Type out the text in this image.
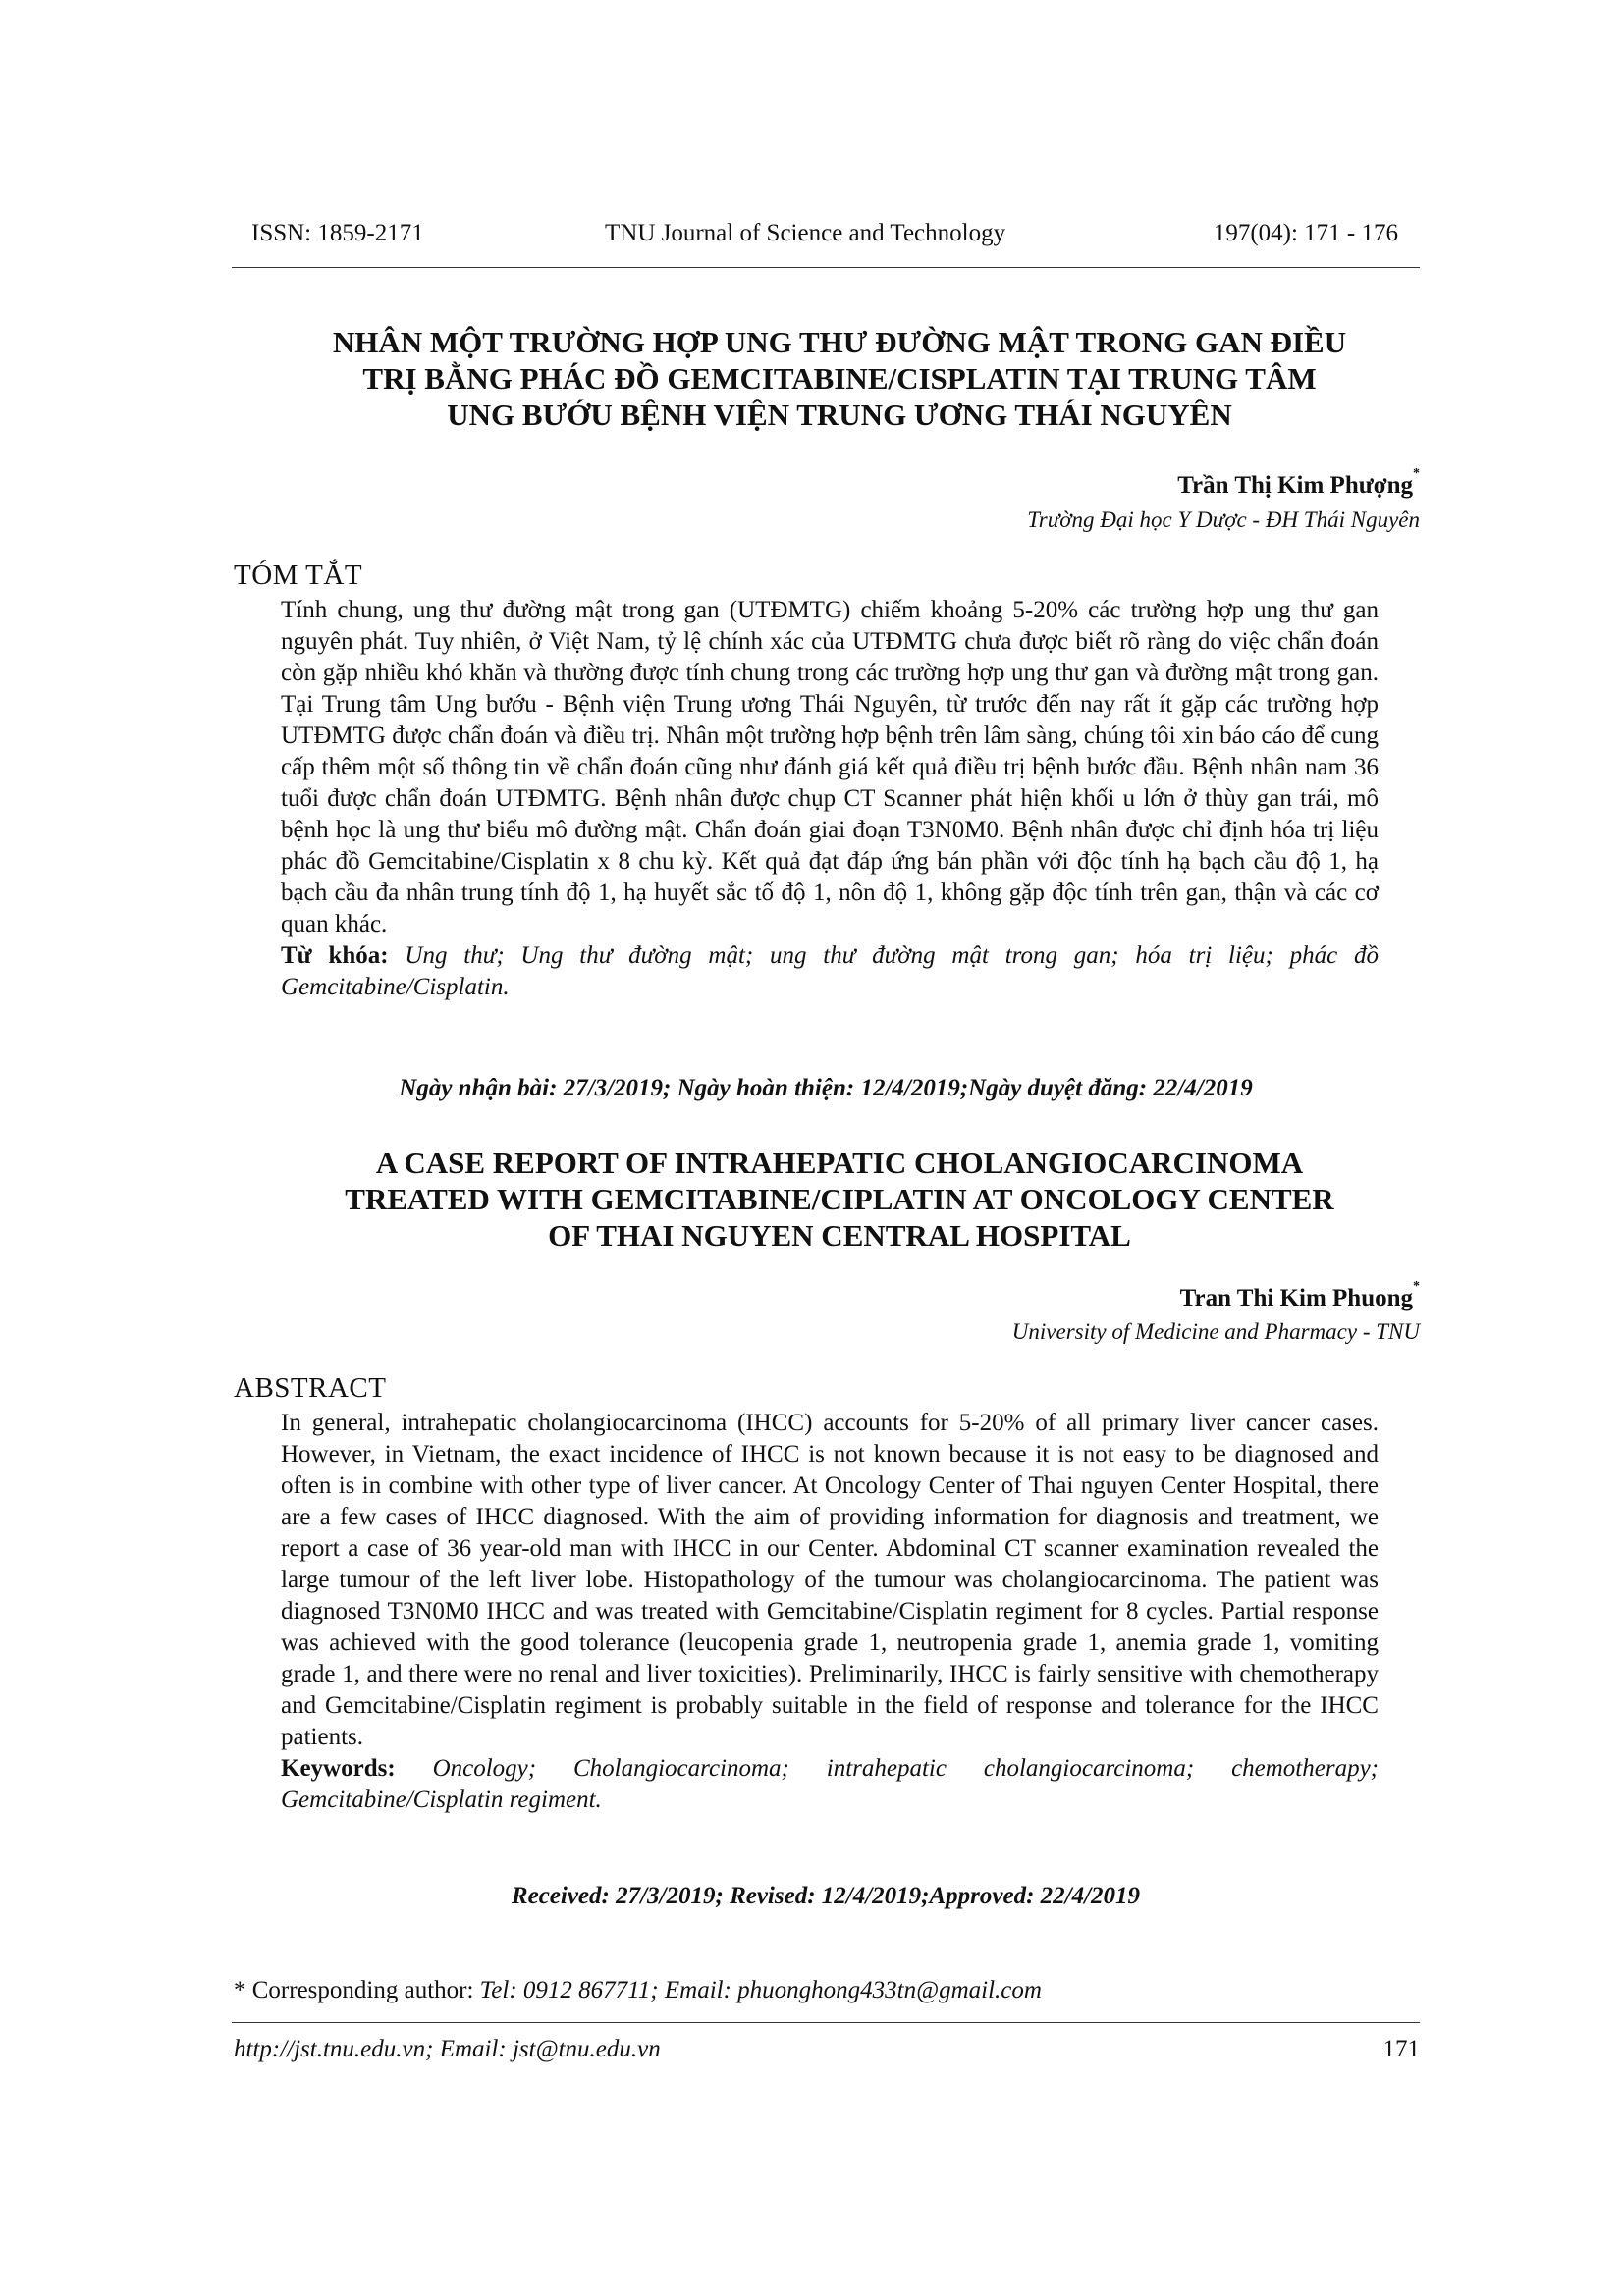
ISSN: 1859-2171	TNU Journal of Science and Technology	197(04): 171 - 176
NHÂN MỘT TRƯỜNG HỢP UNG THƯ ĐƯỜNG MẬT TRONG GAN ĐIỀU
TRỊ BẰNG PHÁC ĐỒ GEMCITABINE/CISPLATIN TẠI TRUNG TÂM
UNG BƯỚU BỆNH VIỆN TRUNG ƯƠNG THÁI NGUYÊN
Trần Thị Kim Phượng*
Trường Đại học Y Dược - ĐH Thái Nguyên
TÓM TẮT

Tính chung, ung thư đường mật trong gan (UTĐMTG) chiếm khoảng 5-20% các trường hợp ung thư gan nguyên phát. Tuy nhiên, ở Việt Nam, tỷ lệ chính xác của UTĐMTG chưa được biết rõ ràng do việc chẩn đoán còn gặp nhiều khó khăn và thường được tính chung trong các trường hợp ung thư gan và đường mật trong gan. Tại Trung tâm Ung bướu - Bệnh viện Trung ương Thái Nguyên, từ trước đến nay rất ít gặp các trường hợp UTĐMTG được chẩn đoán và điều trị. Nhân một trường hợp bệnh trên lâm sàng, chúng tôi xin báo cáo để cung cấp thêm một số thông tin về chẩn đoán cũng như đánh giá kết quả điều trị bệnh bước đầu. Bệnh nhân nam 36 tuổi được chẩn đoán UTĐMTG. Bệnh nhân được chụp CT Scanner phát hiện khối u lớn ở thùy gan trái, mô bệnh học là ung thư biểu mô đường mật. Chẩn đoán giai đoạn T3N0M0. Bệnh nhân được chỉ định hóa trị liệu phác đồ Gemcitabine/Cisplatin x 8 chu kỳ. Kết quả đạt đáp ứng bán phần với độc tính hạ bạch cầu độ 1, hạ bạch cầu đa nhân trung tính độ 1, hạ huyết sắc tố độ 1, nôn độ 1, không gặp độc tính trên gan, thận và các cơ quan khác.

Từ khóa: Ung thư; Ung thư đường mật; ung thư đường mật trong gan; hóa trị liệu; phác đồ Gemcitabine/Cisplatin.

Ngày nhận bài: 27/3/2019; Ngày hoàn thiện: 12/4/2019;Ngày duyệt đăng: 22/4/2019
A CASE REPORT OF INTRAHEPATIC CHOLANGIOCARCINOMA
TREATED WITH GEMCITABINE/CIPLATIN AT ONCOLOGY CENTER
OF THAI NGUYEN CENTRAL HOSPITAL
Tran Thi Kim Phuong*
University of Medicine and Pharmacy - TNU
ABSTRACT

In general, intrahepatic cholangiocarcinoma (IHCC) accounts for 5-20% of all primary liver cancer cases. However, in Vietnam, the exact incidence of IHCC is not known because it is not easy to be diagnosed and often is in combine with other type of liver cancer. At Oncology Center of Thai nguyen Center Hospital, there are a few cases of IHCC diagnosed. With the aim of providing information for diagnosis and treatment, we report a case of 36 year-old man with IHCC in our Center. Abdominal CT scanner examination revealed the large tumour of the left liver lobe. Histopathology of the tumour was cholangiocarcinoma. The patient was diagnosed T3N0M0 IHCC and was treated with Gemcitabine/Cisplatin regiment for 8 cycles. Partial response was achieved with the good tolerance (leucopenia grade 1, neutropenia grade 1, anemia grade 1, vomiting grade 1, and there were no renal and liver toxicities). Preliminarily, IHCC is fairly sensitive with chemotherapy and Gemcitabine/Cisplatin regiment is probably suitable in the field of response and tolerance for the IHCC patients.

Keywords: Oncology; Cholangiocarcinoma; intrahepatic cholangiocarcinoma; chemotherapy; Gemcitabine/Cisplatin regiment.

Received: 27/3/2019; Revised: 12/4/2019;Approved: 22/4/2019
* Corresponding author: Tel: 0912 867711; Email: phuonghong433tn@gmail.com
http://jst.tnu.edu.vn; Email: jst@tnu.edu.vn	171
